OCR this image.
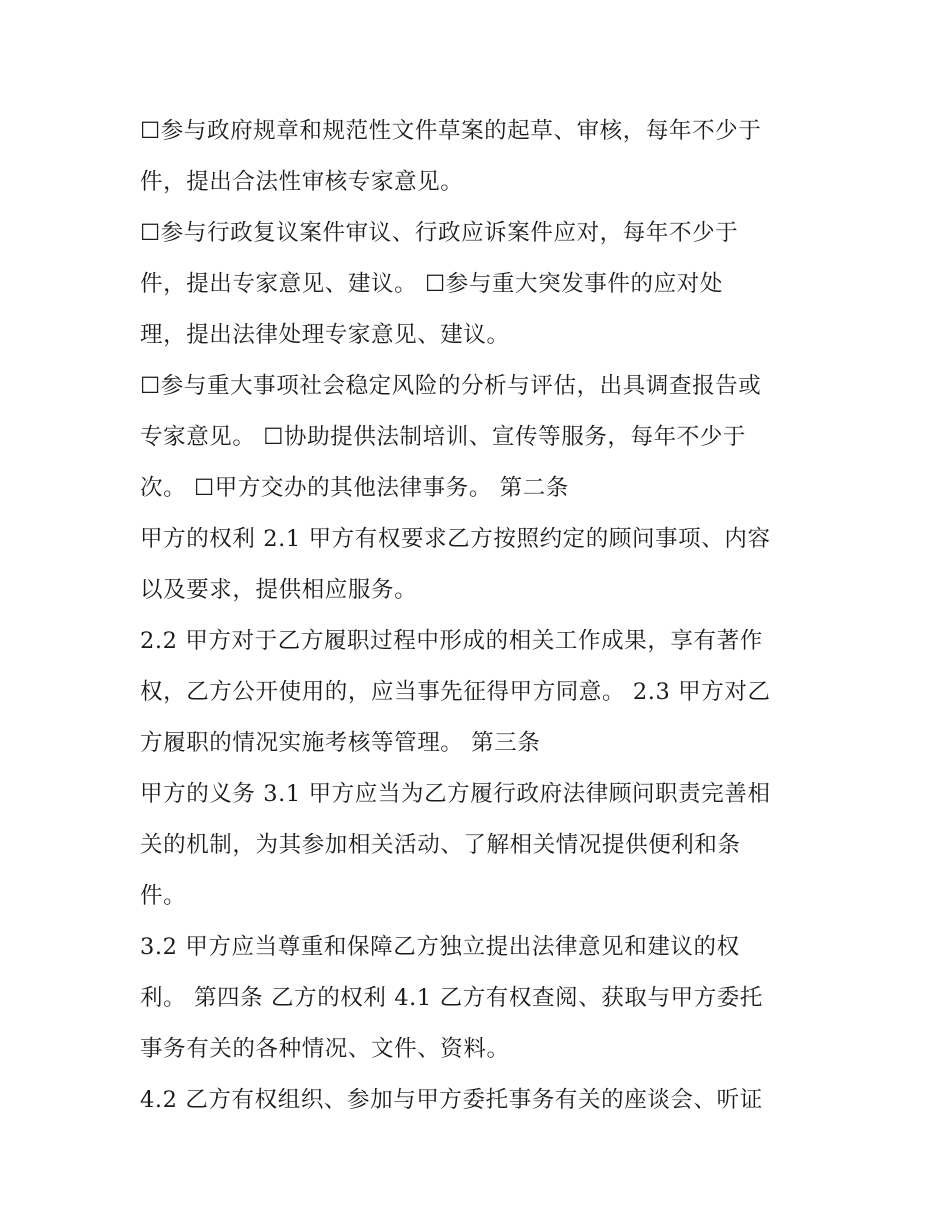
☐参与政府规章和规范性文件草案的起草、审核，每年不少于
件，提出合法性审核专家意见。
☐参与行政复议案件审议、行政应诉案件应对，每年不少于
件，提出专家意见、建议。 ☐参与重大突发事件的应对处
理，提出法律处理专家意见、建议。
☐参与重大事项社会稳定风险的分析与评估，出具调查报告或
专家意见。 ☐协助提供法制培训、宣传等服务，每年不少于
次。 ☐甲方交办的其他法律事务。 第二条
甲方的权利 2.1 甲方有权要求乙方按照约定的顾问事项、内容
以及要求，提供相应服务。
2.2 甲方对于乙方履职过程中形成的相关工作成果，享有著作
权，乙方公开使用的，应当事先征得甲方同意。 2.3 甲方对乙
方履职的情况实施考核等管理。 第三条
甲方的义务 3.1 甲方应当为乙方履行政府法律顾问职责完善相
关的机制，为其参加相关活动、了解相关情况提供便利和条
件。
3.2 甲方应当尊重和保障乙方独立提出法律意见和建议的权
利。 第四条 乙方的权利 4.1 乙方有权查阅、获取与甲方委托
事务有关的各种情况、文件、资料。
4.2 乙方有权组织、参加与甲方委托事务有关的座谈会、听证
